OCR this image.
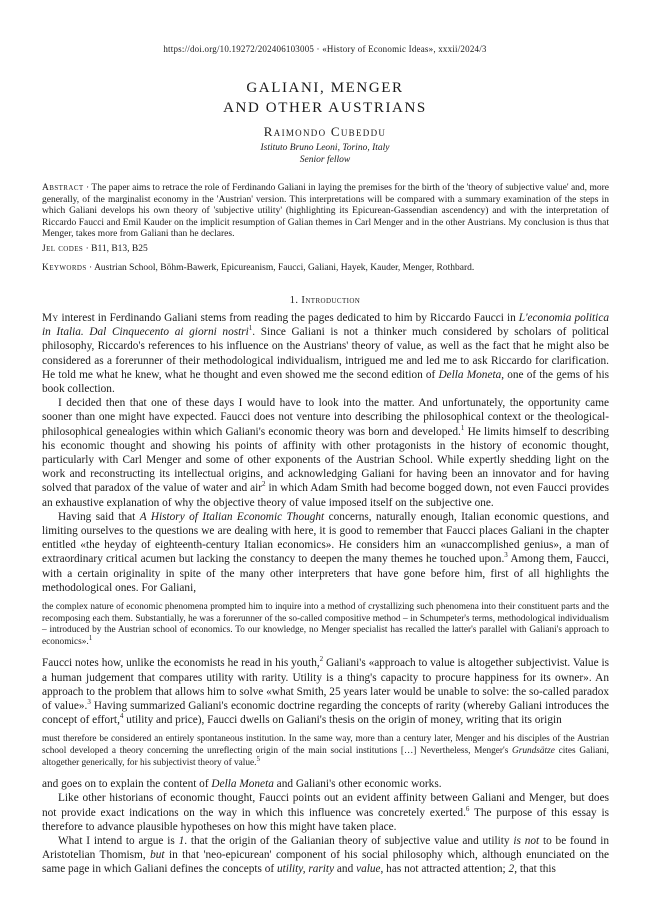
https://doi.org/10.19272/202406103005 · «History of Economic Ideas», xxxii/2024/3
GALIANI, MENGER
AND OTHER AUSTRIANS
Raimondo Cubeddu
Istituto Bruno Leoni, Torino, Italy
Senior fellow
Abstract · The paper aims to retrace the role of Ferdinando Galiani in laying the premises for the birth of the 'theory of subjective value' and, more generally, of the marginalist economy in the 'Austrian' version. This interpretations will be compared with a summary examination of the steps in which Galiani develops his own theory of 'subjective utility' (highlighting its Epicurean-Gassendian ascendency) and with the interpretation of Riccardo Faucci and Emil Kauder on the implicit resumption of Galian themes in Carl Menger and in the other Austrians. My conclusion is thus that Menger, takes more from Galiani than he declares.
Jel codes · B11, B13, B25
Keywords · Austrian School, Böhm-Bawerk, Epicureanism, Faucci, Galiani, Hayek, Kauder, Menger, Rothbard.
1. Introduction

My interest in Ferdinando Galiani stems from reading the pages dedicated to him by Riccardo Faucci in L'economia politica in Italia. Dal Cinquecento ai giorni nostri$^1$. Since Galiani is not a thinker much considered by scholars of political philosophy, Riccardo's references to his influence on the Austrians' theory of value, as well as the fact that he might also be considered as a forerunner of their methodological individualism, intrigued me and led me to ask Riccardo for clarification. He told me what he knew, what he thought and even showed me the second edition of Della Moneta, one of the gems of his book collection.

I decided then that one of these days I would have to look into the matter. And unfortunately, the opportunity came sooner than one might have expected. Faucci does not venture into describing the philosophical context or the theological-philosophical genealogies within which Galiani's economic theory was born and developed.$^1$ He limits himself to describing his economic thought and showing his points of affinity with other protagonists in the history of economic thought, particularly with Carl Menger and some of other exponents of the Austrian School. While expertly shedding light on the work and reconstructing its intellectual origins, and acknowledging Galiani for having been an innovator and for having solved that paradox of the value of water and air$^2$ in which Adam Smith had become bogged down, not even Faucci provides an exhaustive explanation of why the objective theory of value imposed itself on the subjective one.

Having said that A History of Italian Economic Thought concerns, naturally enough, Italian economic questions, and limiting ourselves to the questions we are dealing with here, it is good to remember that Faucci places Galiani in the chapter entitled «the heyday of eighteenth-century Italian economics». He considers him an «unaccomplished genius», a man of extraordinary critical acumen but lacking the constancy to deepen the many themes he touched upon.$^3$ Among them, Faucci, with a certain originality in spite of the many other interpreters that have gone before him, first of all highlights the methodological ones. For Galiani,

the complex nature of economic phenomena prompted him to inquire into a method of crystallizing such phenomena into their constituent parts and the recomposing each them. Substantially, he was a forerunner of the so-called compositive method – in Schumpeter's terms, methodological individualism – introduced by the Austrian school of economics. To our knowledge, no Menger specialist has recalled the latter's parallel with Galiani's approach to economics».$^1$

Faucci notes how, unlike the economists he read in his youth,$^2$ Galiani's «approach to value is altogether subjectivist. Value is a human judgement that compares utility with rarity. Utility is a thing's capacity to procure happiness for its owner». An approach to the problem that allows him to solve «what Smith, 25 years later would be unable to solve: the so-called paradox of value».$^3$ Having summarized Galiani's economic doctrine regarding the concepts of rarity (whereby Galiani introduces the concept of effort,$^4$ utility and price), Faucci dwells on Galiani's thesis on the origin of money, writing that its origin

must therefore be considered an entirely spontaneous institution. In the same way, more than a century later, Menger and his disciples of the Austrian school developed a theory concerning the unreflecting origin of the main social institutions […] Nevertheless, Menger's Grundsätze cites Galiani, altogether generically, for his subjectivist theory of value.$^5$

and goes on to explain the content of Della Moneta and Galiani's other economic works.

Like other historians of economic thought, Faucci points out an evident affinity between Galiani and Menger, but does not provide exact indications on the way in which this influence was concretely exerted.$^6$ The purpose of this essay is therefore to advance plausible hypotheses on how this might have taken place.

What I intend to argue is 1. that the origin of the Galianian theory of subjective value and utility is not to be found in Aristotelian Thomism, but in that 'neo-epicurean' component of his social philosophy which, although enunciated on the same page in which Galiani defines the concepts of utility, rarity and value, has not attracted attention; 2, that this
